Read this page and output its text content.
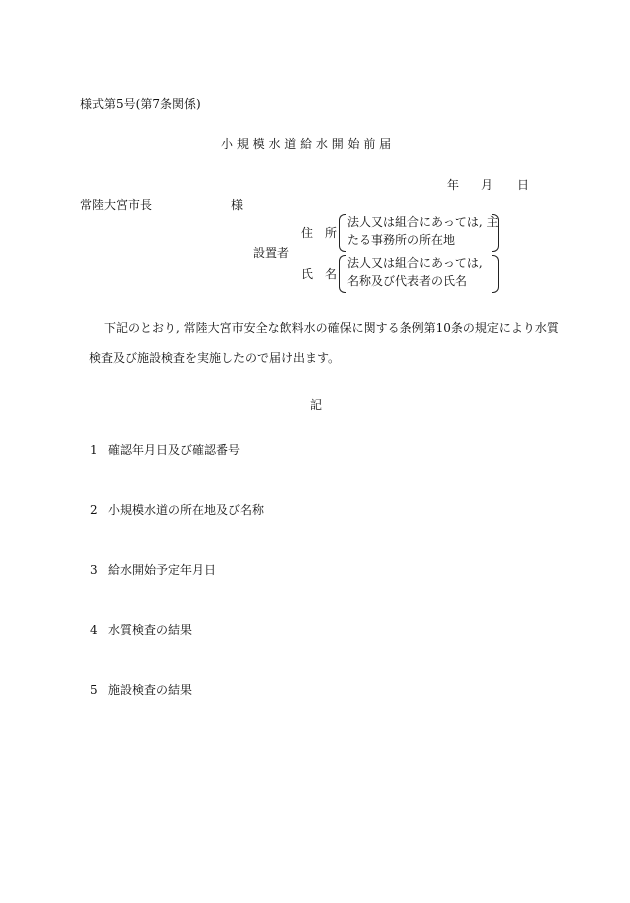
様式第5号(第7条関係)
小 規 模 水 道 給 水 開 始 前 届
年 月 日
常陸大宮市長	様
設置者
住　所
法人又は組合にあっては, 主
たる事務所の所在地
氏　名
法人又は組合にあっては,
名称及び代表者の氏名
下記のとおり, 常陸大宮市安全な飲料水の確保に関する条例第10条の規定により水質
検査及び施設検査を実施したので届け出ます。
記
1 確認年月日及び確認番号
2 小規模水道の所在地及び名称
3 給水開始予定年月日
4 水質検査の結果
5 施設検査の結果
